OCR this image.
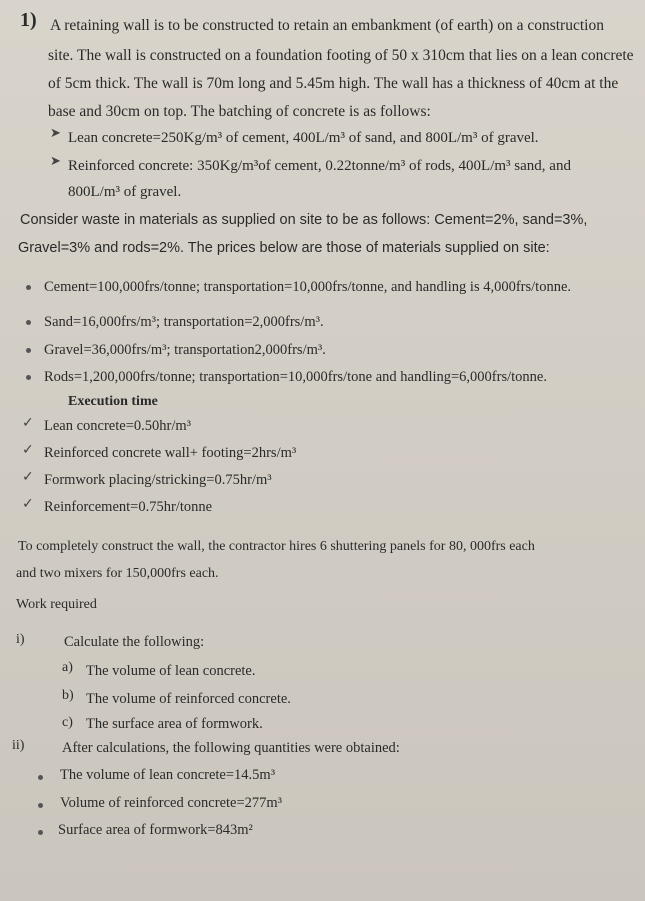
1) A retaining wall is to be constructed to retain an embankment (of earth) on a construction
site. The wall is constructed on a foundation footing of 50 x 310cm that lies on a lean concrete
of 5cm thick. The wall is 70m long and 5.45m high. The wall has a thickness of 40cm at the
base and 30cm on top. The batching of concrete is as follows:
➤ Lean concrete=250Kg/m³ of cement, 400L/m³ of sand, and 800L/m³ of gravel.
➤ Reinforced concrete: 350Kg/m³of cement, 0.22tonne/m³ of rods, 400L/m³ sand, and
800L/m³ of gravel.
Consider waste in materials as supplied on site to be as follows: Cement=2%, sand=3%,
Gravel=3% and rods=2%. The prices below are those of materials supplied on site:
Cement=100,000frs/tonne; transportation=10,000frs/tonne, and handling is 4,000frs/tonne.
Sand=16,000frs/m³; transportation=2,000frs/m³.
Gravel=36,000frs/m³; transportation2,000frs/m³.
Rods=1,200,000frs/tonne; transportation=10,000frs/tone and handling=6,000frs/tonne.
Execution time
✓ Lean concrete=0.50hr/m³
✓ Reinforced concrete wall+ footing=2hrs/m³
✓ Formwork placing/stricking=0.75hr/m³
✓ Reinforcement=0.75hr/tonne
To completely construct the wall, the contractor hires 6 shuttering panels for 80, 000frs each
and two mixers for 150,000frs each.
Work required
i)	Calculate the following:
a) The volume of lean concrete.
b) The volume of reinforced concrete.
c) The surface area of formwork.
ii)	After calculations, the following quantities were obtained:
The volume of lean concrete=14.5m³
Volume of reinforced concrete=277m³
Surface area of formwork=843m²
